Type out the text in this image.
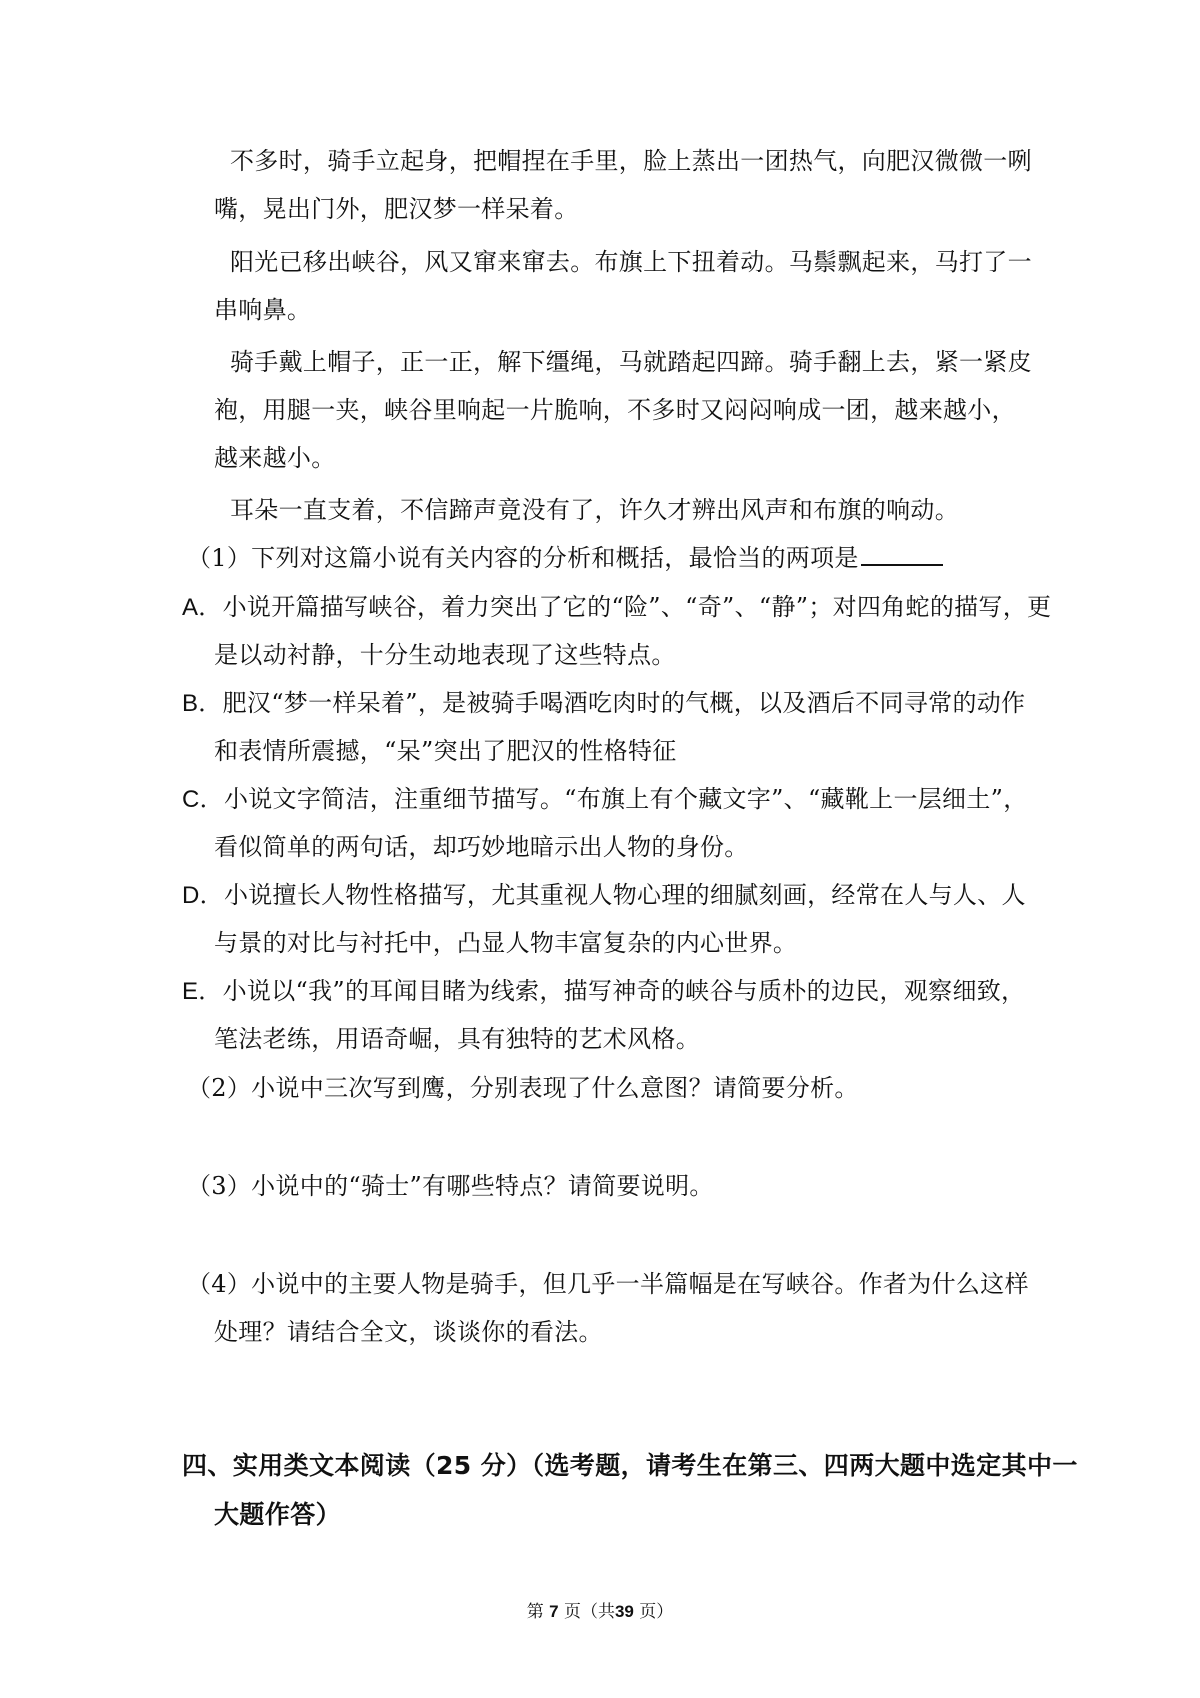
不多时，骑手立起身，把帽捏在手里，脸上蒸出一团热气，向肥汉微微一咧
嘴，晃出门外，肥汉梦一样呆着。
阳光已移出峡谷，风又窜来窜去。布旗上下扭着动。马鬃飘起来，马打了一
串响鼻。
骑手戴上帽子，正一正，解下缰绳，马就踏起四蹄。骑手翻上去，紧一紧皮
袍，用腿一夹，峡谷里响起一片脆响，不多时又闷闷响成一团，越来越小，
越来越小。
耳朵一直支着，不信蹄声竟没有了，许久才辨出风声和布旗的响动。
（1）下列对这篇小说有关内容的分析和概括，最恰当的两项是
A．小说开篇描写峡谷，着力突出了它的“险”、“奇”、“静”；对四角蛇的描写，更
是以动衬静，十分生动地表现了这些特点。
B．肥汉“梦一样呆着”，是被骑手喝酒吃肉时的气概，以及酒后不同寻常的动作
和表情所震撼，“呆”突出了肥汉的性格特征
C．小说文字简洁，注重细节描写。“布旗上有个藏文字”、“藏靴上一层细土”，
看似简单的两句话，却巧妙地暗示出人物的身份。
D．小说擅长人物性格描写，尤其重视人物心理的细腻刻画，经常在人与人、人
与景的对比与衬托中，凸显人物丰富复杂的内心世界。
E．小说以“我”的耳闻目睹为线索，描写神奇的峡谷与质朴的边民，观察细致，
笔法老练，用语奇崛，具有独特的艺术风格。
（2）小说中三次写到鹰，分别表现了什么意图？请简要分析。
（3）小说中的“骑士”有哪些特点？请简要说明。
（4）小说中的主要人物是骑手，但几乎一半篇幅是在写峡谷。作者为什么这样
处理？请结合全文，谈谈你的看法。
四、实用类文本阅读（25 分）（选考题，请考生在第三、四两大题中选定其中一
大题作答）
第 7 页（共39 页）
